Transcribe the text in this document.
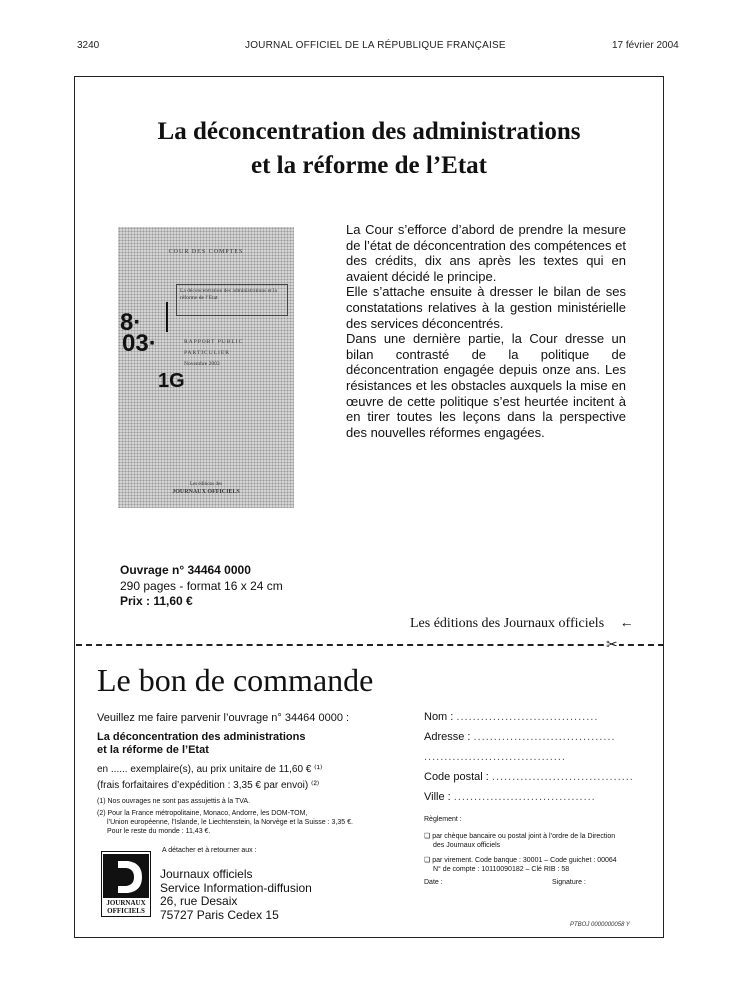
3240	JOURNAL OFFICIEL DE LA RÉPUBLIQUE FRANÇAISE	17 février 2004
La déconcentration des administrations
et la réforme de l’Etat
COUR DES COMPTES
La déconcentration des administrations et la réforme de l’Etat
RAPPORT PUBLIC
PARTICULIER
Novembre 2003
8·
03·
1G
Les éditions des
JOURNAUX OFFICIELS

La Cour s’efforce d’abord de prendre la mesure de l’état de déconcentration des compétences et des crédits, dix ans après les textes qui en avaient décidé le principe.

Elle s’attache ensuite à dresser le bilan de ses constatations relatives à la gestion ministérielle des services déconcentrés.

Dans une dernière partie, la Cour dresse un bilan contrasté de la politique de déconcentration engagée depuis onze ans. Les résistances et les obstacles auxquels la mise en œuvre de cette politique s’est heurtée incitent à en tirer toutes les leçons dans la perspective des nouvelles réformes engagées.

Ouvrage n° 34464 0000
290 pages - format 16 x 24 cm
Prix : 11,60 €
Les éditions des Journaux officiels ←
✂
Le bon de commande
Veuillez me faire parvenir l’ouvrage n° 34464 0000 :
La déconcentration des administrations
et la réforme de l’Etat
en ...... exemplaire(s), au prix unitaire de 11,60 € ⁽¹⁾
(frais forfaitaires d’expédition : 3,35 € par envoi) ⁽²⁾
(1) Nos ouvrages ne sont pas assujettis à la TVA.
(2) Pour la France métropolitaine, Monaco, Andorre, les DOM-TOM,
l’Union européenne, l’Islande, le Liechtenstein, la Norvège et la Suisse : 3,35 €.
Pour le reste du monde : 11,43 €.
A détacher et à retourner aux :
JOURNAUX
OFFICIELS
Journaux officiels
Service Information-diffusion
26, rue Desaix
75727 Paris Cedex 15
Nom : ...................................
Adresse : ...................................
...................................
Code postal : ...................................
Ville : ...................................
Règlement :
❏ par chèque bancaire ou postal joint à l’ordre de la Direction
des Journaux officiels
❏ par virement. Code banque : 30001 – Code guichet : 00064
N° de compte : 10110090182 – Clé RIB : 58
Date :	Signature :
PTBOJ 0000000058 Y
